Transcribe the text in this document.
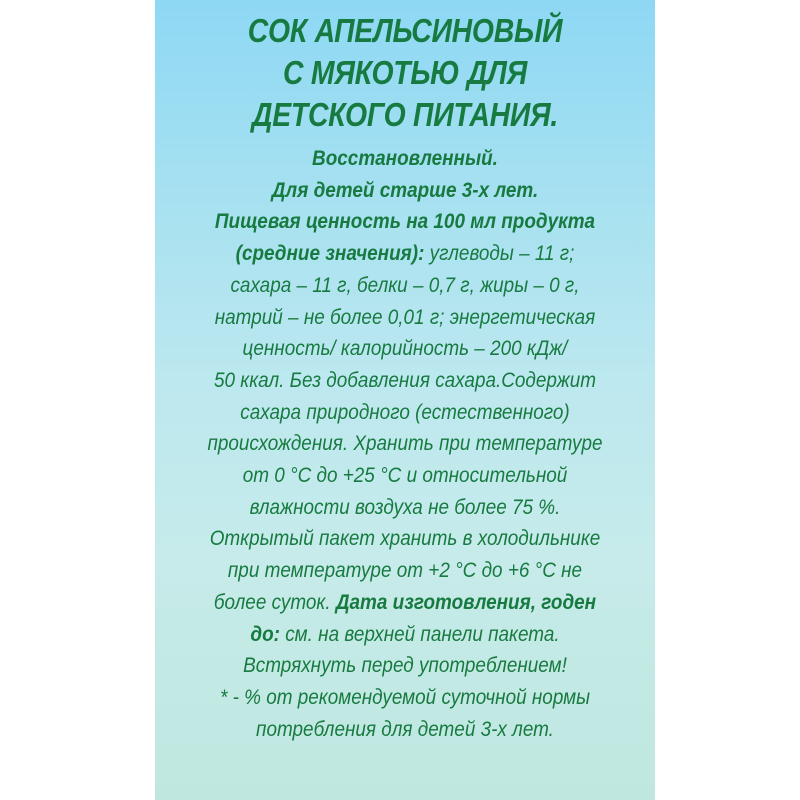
СОК АПЕЛЬСИНОВЫЙ
С МЯКОТЬЮ ДЛЯ
ДЕТСКОГО ПИТАНИЯ.
Восстановленный.
Для детей старше 3-х лет.
Пищевая ценность на 100 мл продукта
(средние значения): углеводы – 11 г;
сахара – 11 г, белки – 0,7 г, жиры – 0 г,
натрий – не более 0,01 г; энергетическая
ценность/ калорийность – 200 кДж/
50 ккал. Без добавления сахара.Содержит
сахара природного (естественного)
происхождения. Хранить при температуре
от 0 °С до +25 °С и относительной
влажности воздуха не более 75 %.
Открытый пакет хранить в холодильнике
при температуре от +2 °С до +6 °С не
более суток. Дата изготовления, годен
до: см. на верхней панели пакета.
Встряхнуть перед употреблением!
* - % от рекомендуемой суточной нормы
потребления для детей 3-х лет.
